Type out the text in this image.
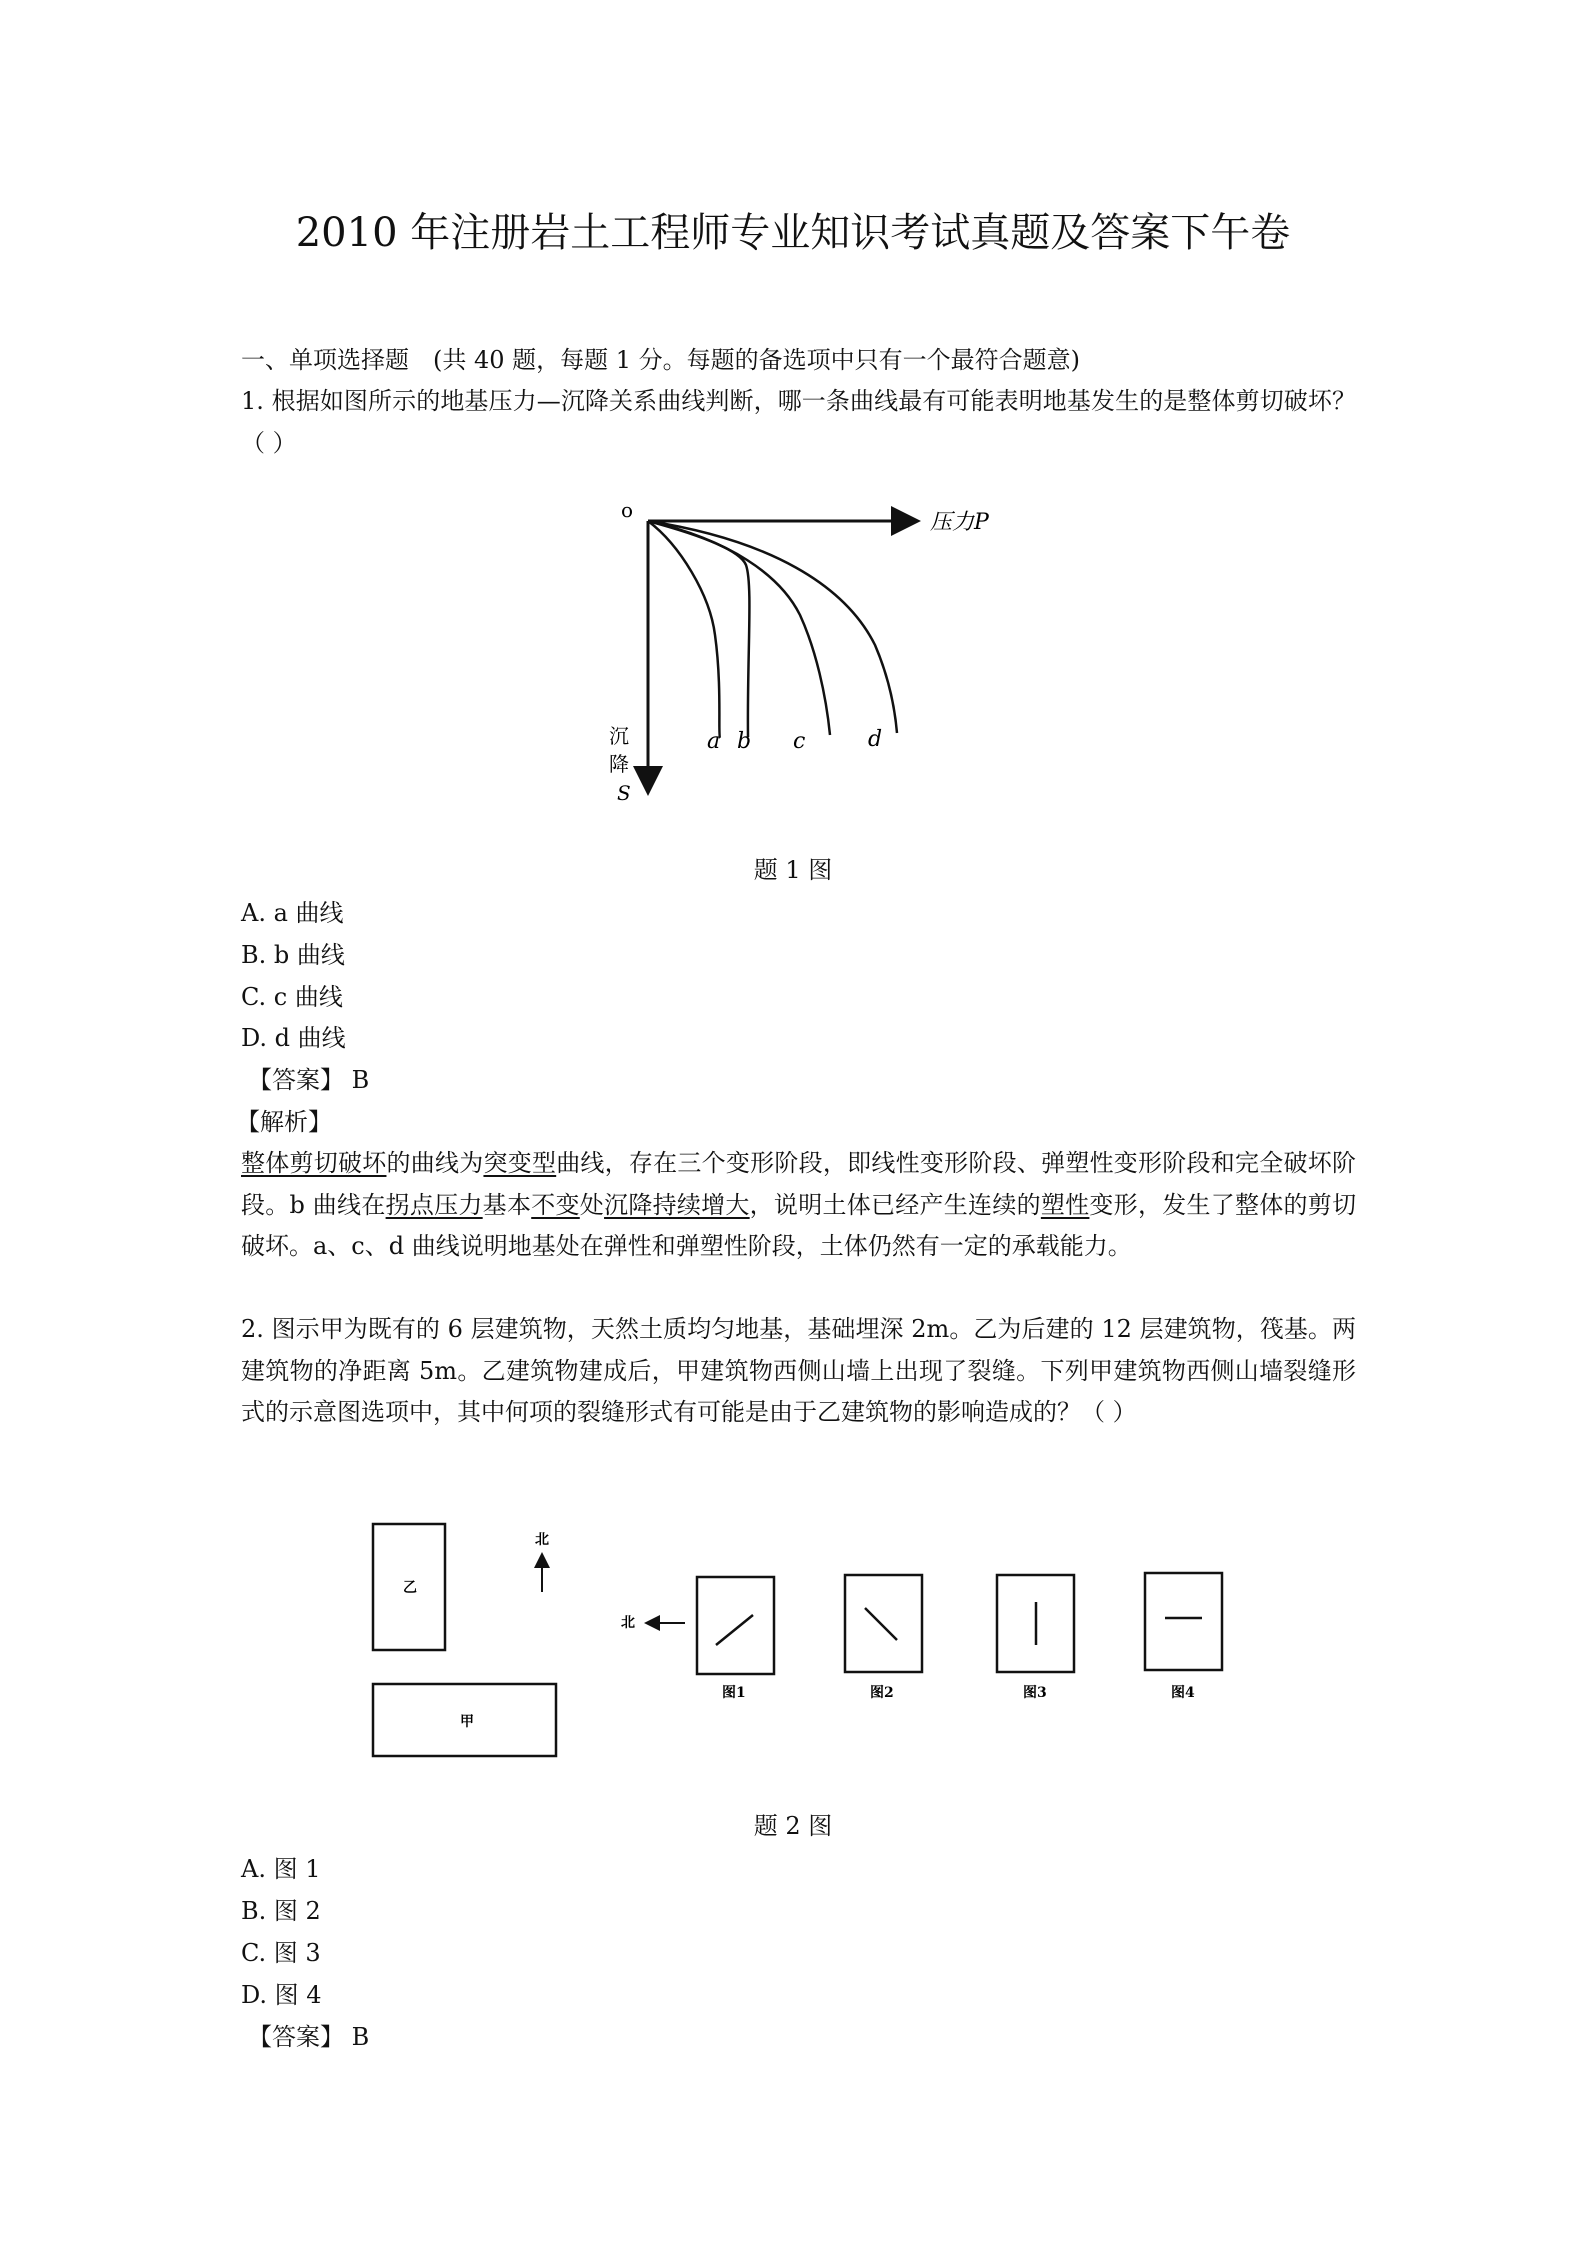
2010 年注册岩土工程师专业知识考试真题及答案下午卷
一、单项选择题　(共 40 题，每题 1 分。每题的备选项中只有一个最符合题意)
1. 根据如图所示的地基压力—沉降关系曲线判断，哪一条曲线最有可能表明地基发生的是整体剪切破坏？（ ）
o	压力P
沉
降
S
a b c	d
题 1 图
A. a 曲线
B. b 曲线
C. c 曲线
D. d 曲线
【答案】 B
【解析】
整体剪切破坏的曲线为突变型曲线，存在三个变形阶段，即线性变形阶段、弹塑性变形阶段和完全破坏阶段。b 曲线在拐点压力基本不变处沉降持续增大，说明土体已经产生连续的塑性变形，发生了整体的剪切破坏。a、c、d 曲线说明地基处在弹性和弹塑性阶段，土体仍然有一定的承载能力。
2. 图示甲为既有的 6 层建筑物，天然土质均匀地基，基础埋深 2m。乙为后建的 12 层建筑物，筏基。两建筑物的净距离 5m。乙建筑物建成后，甲建筑物西侧山墙上出现了裂缝。下列甲建筑物西侧山墙裂缝形式的示意图选项中，其中何项的裂缝形式有可能是由于乙建筑物的影响造成的？（ ）
乙
甲
北
北
图1	图2	图3	图4
题 2 图
A. 图 1
B. 图 2
C. 图 3
D. 图 4
【答案】 B
